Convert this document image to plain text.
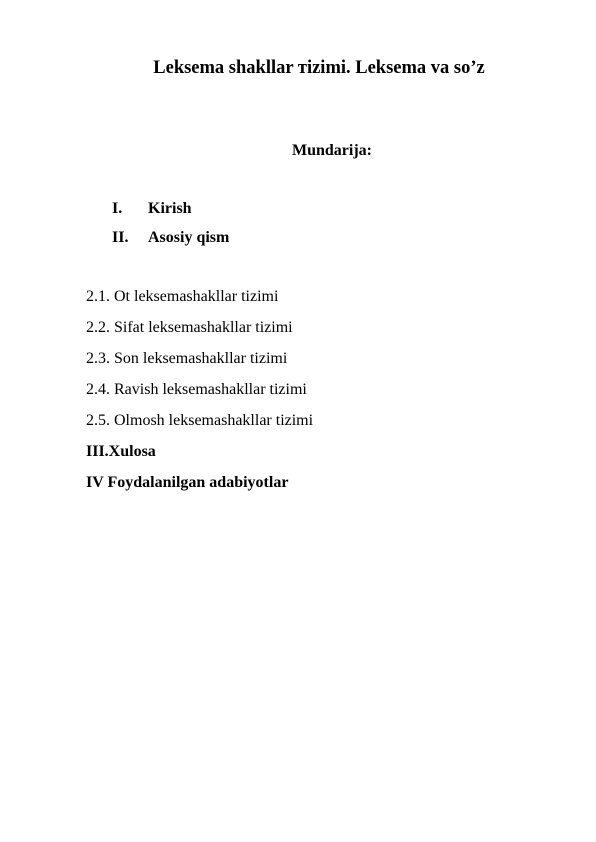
Leksema shakllar тizimi. Leksema va so’z
Mundarija:
I.	Kirish
II.	Asosiy qism
2.1. Ot leksemashakllar tizimi
2.2. Sifat leksemashakllar tizimi
2.3. Son leksemashakllar tizimi
2.4. Ravish leksemashakllar tizimi
2.5. Olmosh leksemashakllar tizimi
III.Xulosa
IV Foydalanilgan adabiyotlar
